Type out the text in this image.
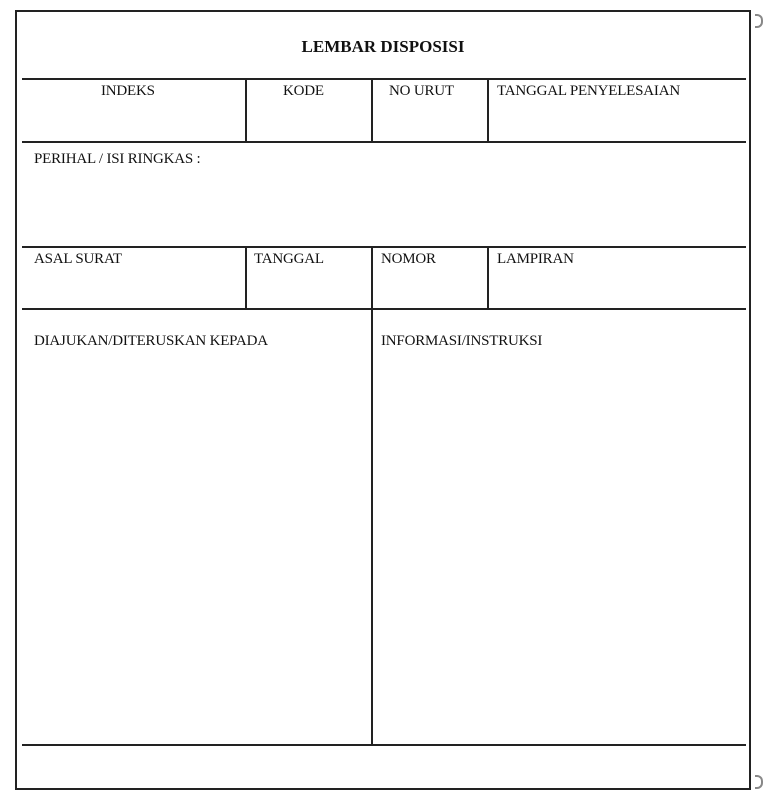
LEMBAR DISPOSISI
INDEKS	KODE	NO URUT	TANGGAL PENYELESAIAN
PERIHAL / ISI RINGKAS :
ASAL SURAT	TANGGAL	NOMOR	LAMPIRAN
DIAJUKAN/DITERUSKAN KEPADA	INFORMASI/INSTRUKSI
